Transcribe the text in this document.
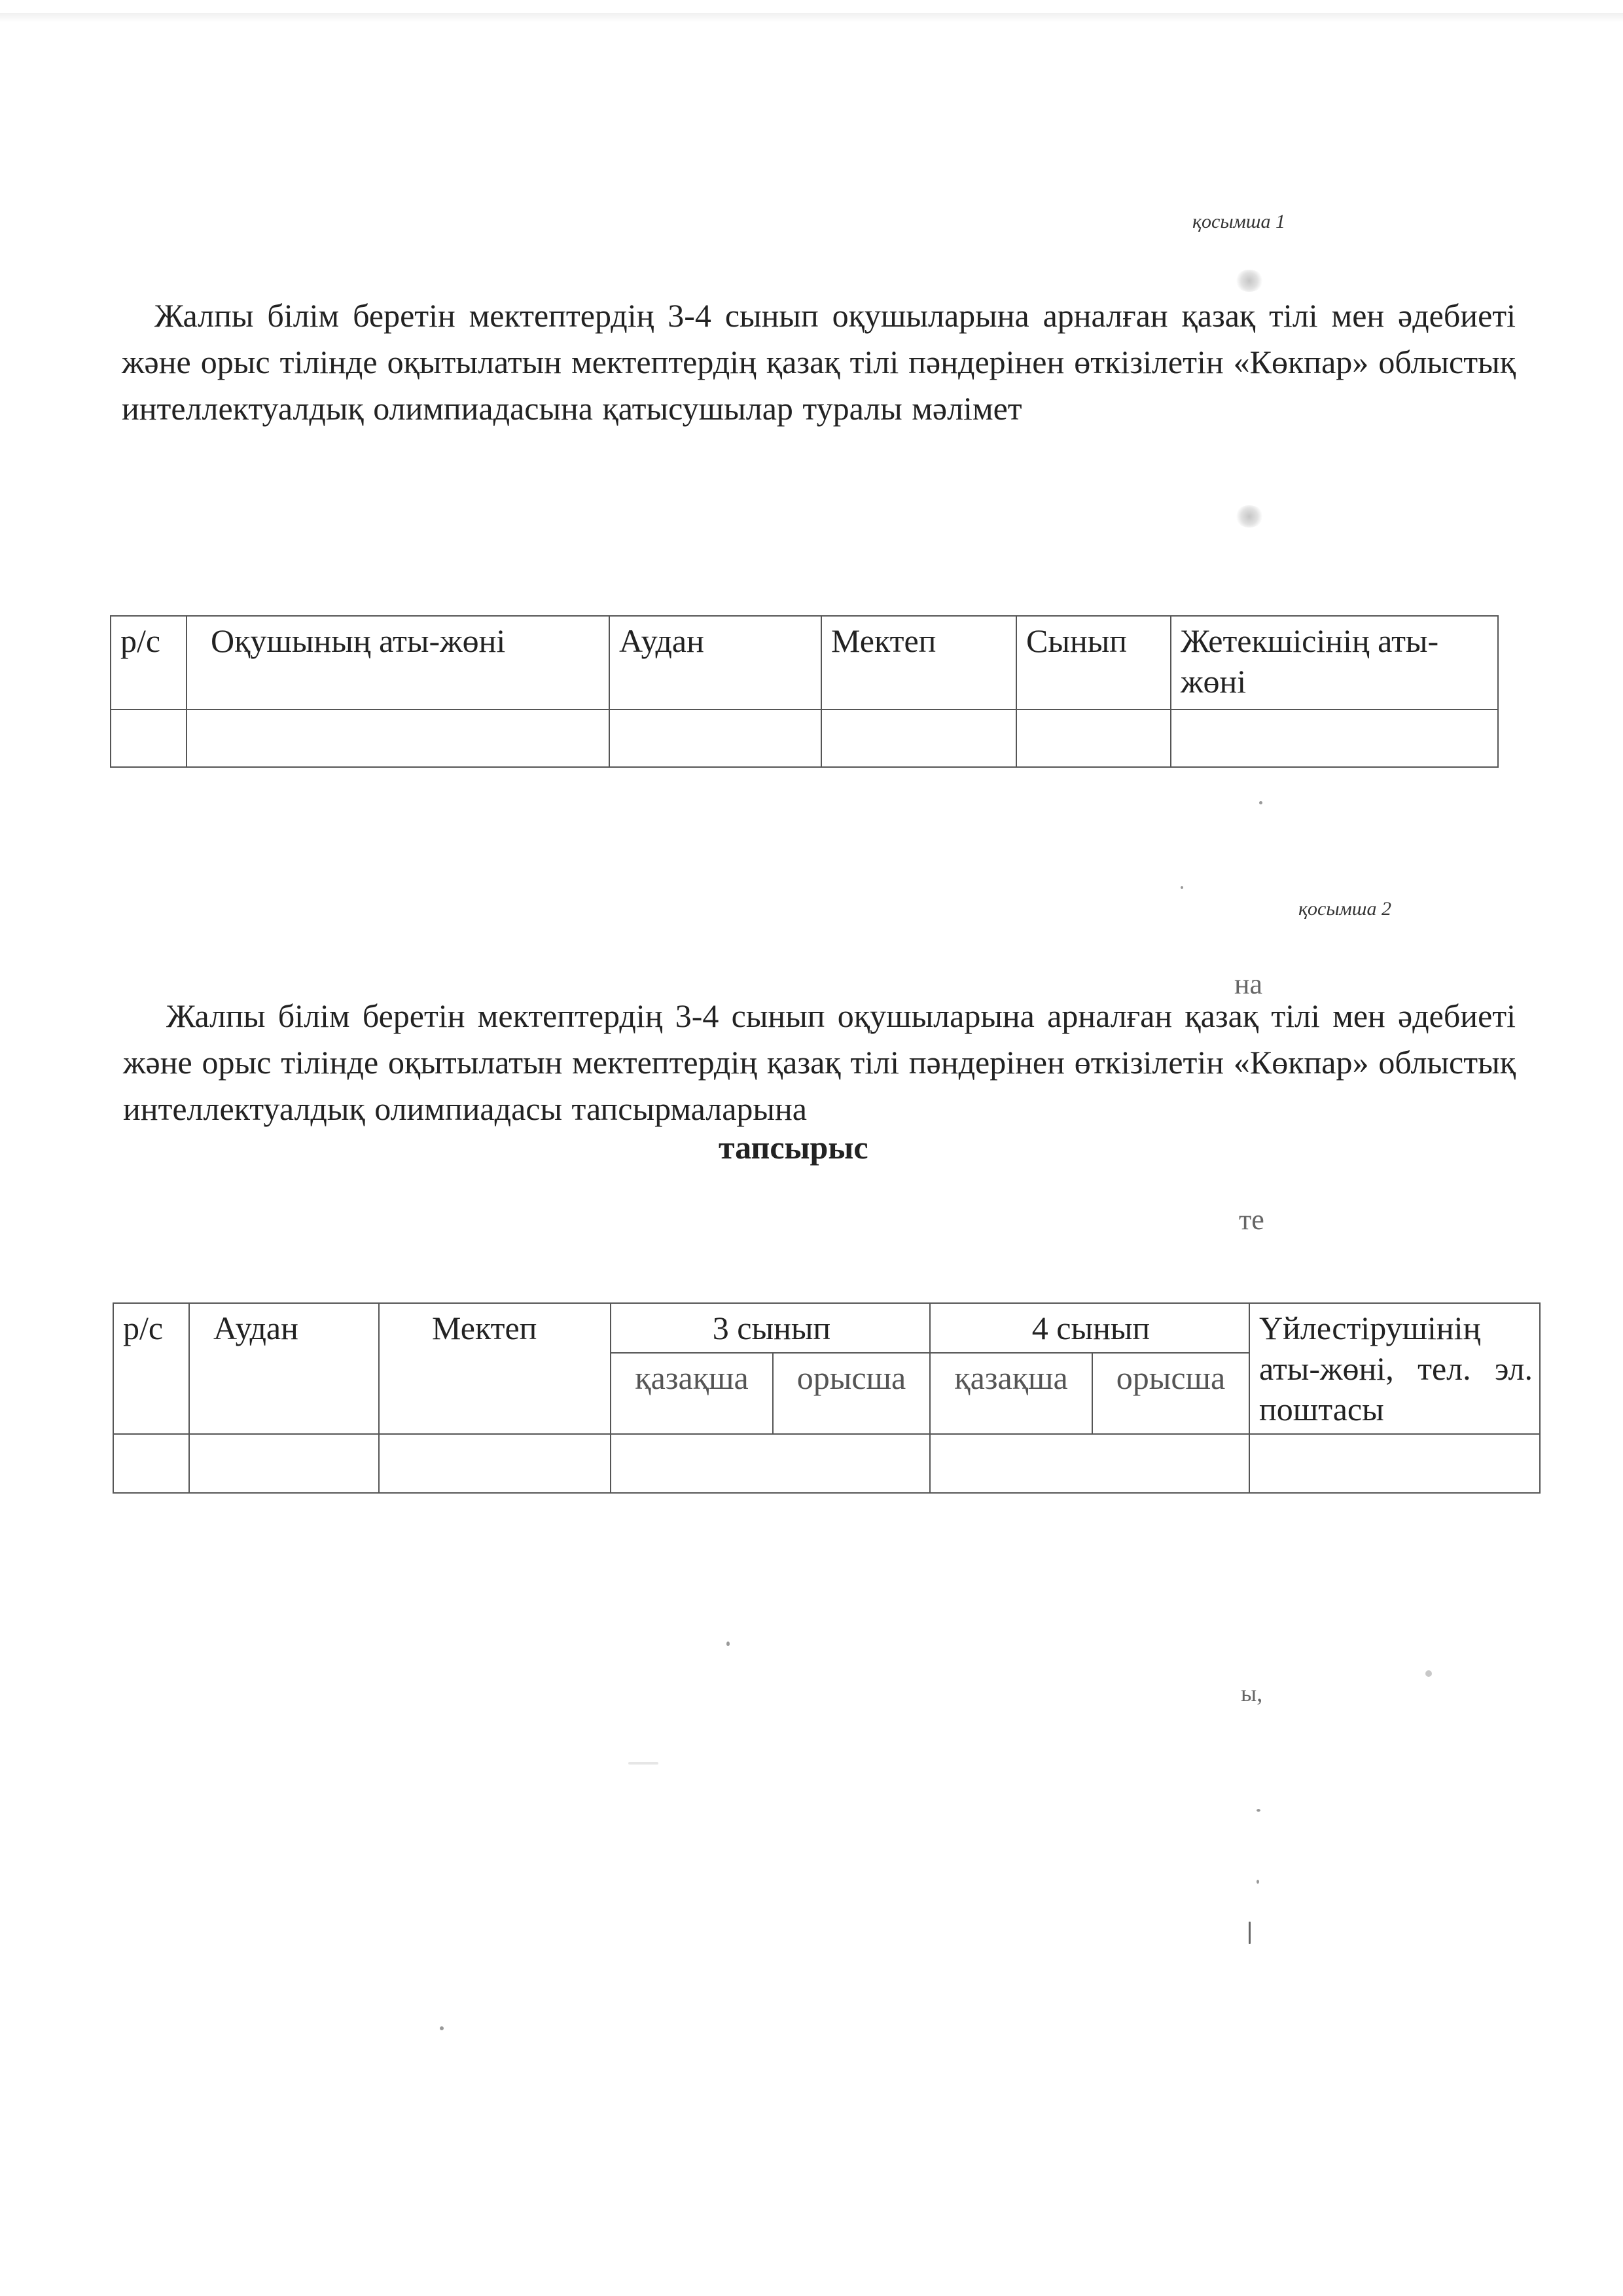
қосымша 1

Жалпы білім беретін мектептердің 3-4 сынып оқушыларына арналған қазақ тілі мен әдебиеті және орыс тілінде оқытылатын мектептердің қазақ тілі пәндерінен өткізілетін «Көкпар» облыстық интеллектуалдық олимпиадасына қатысушылар туралы мәлімет

р/с	Оқушының аты-жөні	Аудан	Мектеп	Сынып	Жетекшісінің аты-жөні

қосымша 2
на

Жалпы білім беретін мектептердің 3-4 сынып оқушыларына арналған қазақ тілі мен әдебиеті және орыс тілінде оқытылатын мектептердің қазақ тілі пәндерінен өткізілетін «Көкпар» облыстық интеллектуалдық олимпиадасы тапсырмаларына

тапсырыс
те
р/с	Аудан	Мектеп	3 сынып		4 сынып		Үйлестірушінің аты-жөні, тел. эл. поштасы
			қазақша	орысша	қазақша	орысша	

ы,
